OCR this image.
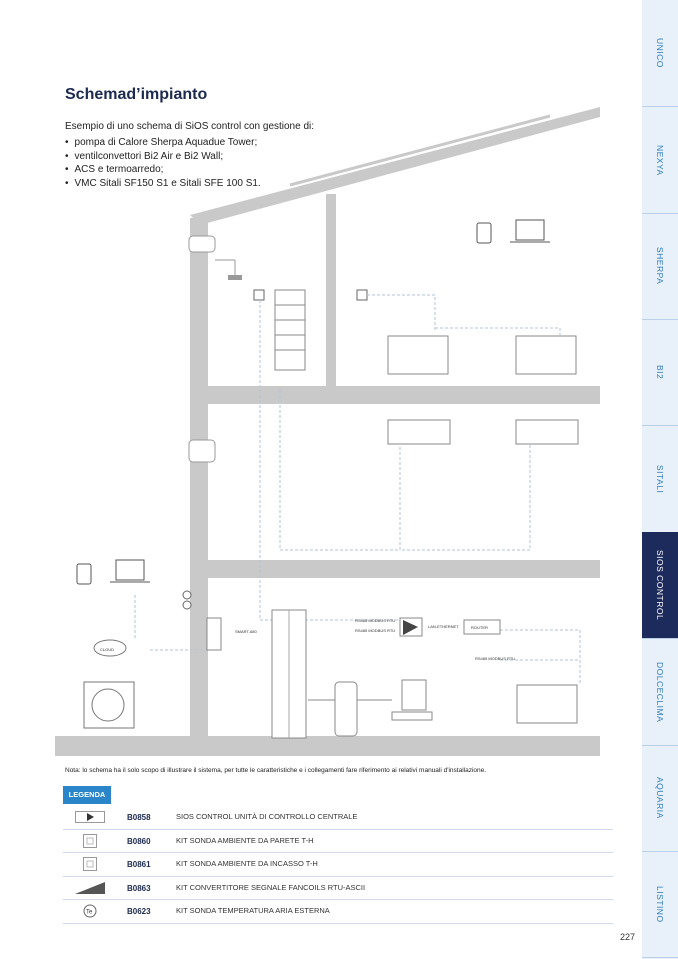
Schemad’impianto
Esempio di uno schema di SiOS control con gestione di:
• pompa di Calore Sherpa Aquadue Tower;
• ventilconvettori Bi2 Air e Bi2 Wall;
• ACS e termoarredo;
• VMC Sitali SF150 S1 e Sitali SFE 100 S1.
CLOUD
SMART-680
RS485 MODBUS RTU
RS485 MODBUS RTU
LAN-ETHERNET	ROUTER
RS485 MODBUS RTU
Nota: lo schema ha il solo scopo di illustrare il sistema, per tutte le caratteristiche e i collegamenti fare riferimento ai relativi manuali d'installazione.
LEGENDA
B0858	SIOS CONTROL UNITÀ DI CONTROLLO CENTRALE
B0860	KIT SONDA AMBIENTE DA PARETE T-H
B0861	KIT SONDA AMBIENTE DA INCASSO T-H
B0863	KIT CONVERTITORE SEGNALE FANCOILS RTU-ASCII
Te	B0623	KIT SONDA TEMPERATURA ARIA ESTERNA
227
UNICO
NEXYA
SHERPA
BI2
SITALI
SIOS CONTROL
DOLCECLIMA
AQUARIA
LISTINO
